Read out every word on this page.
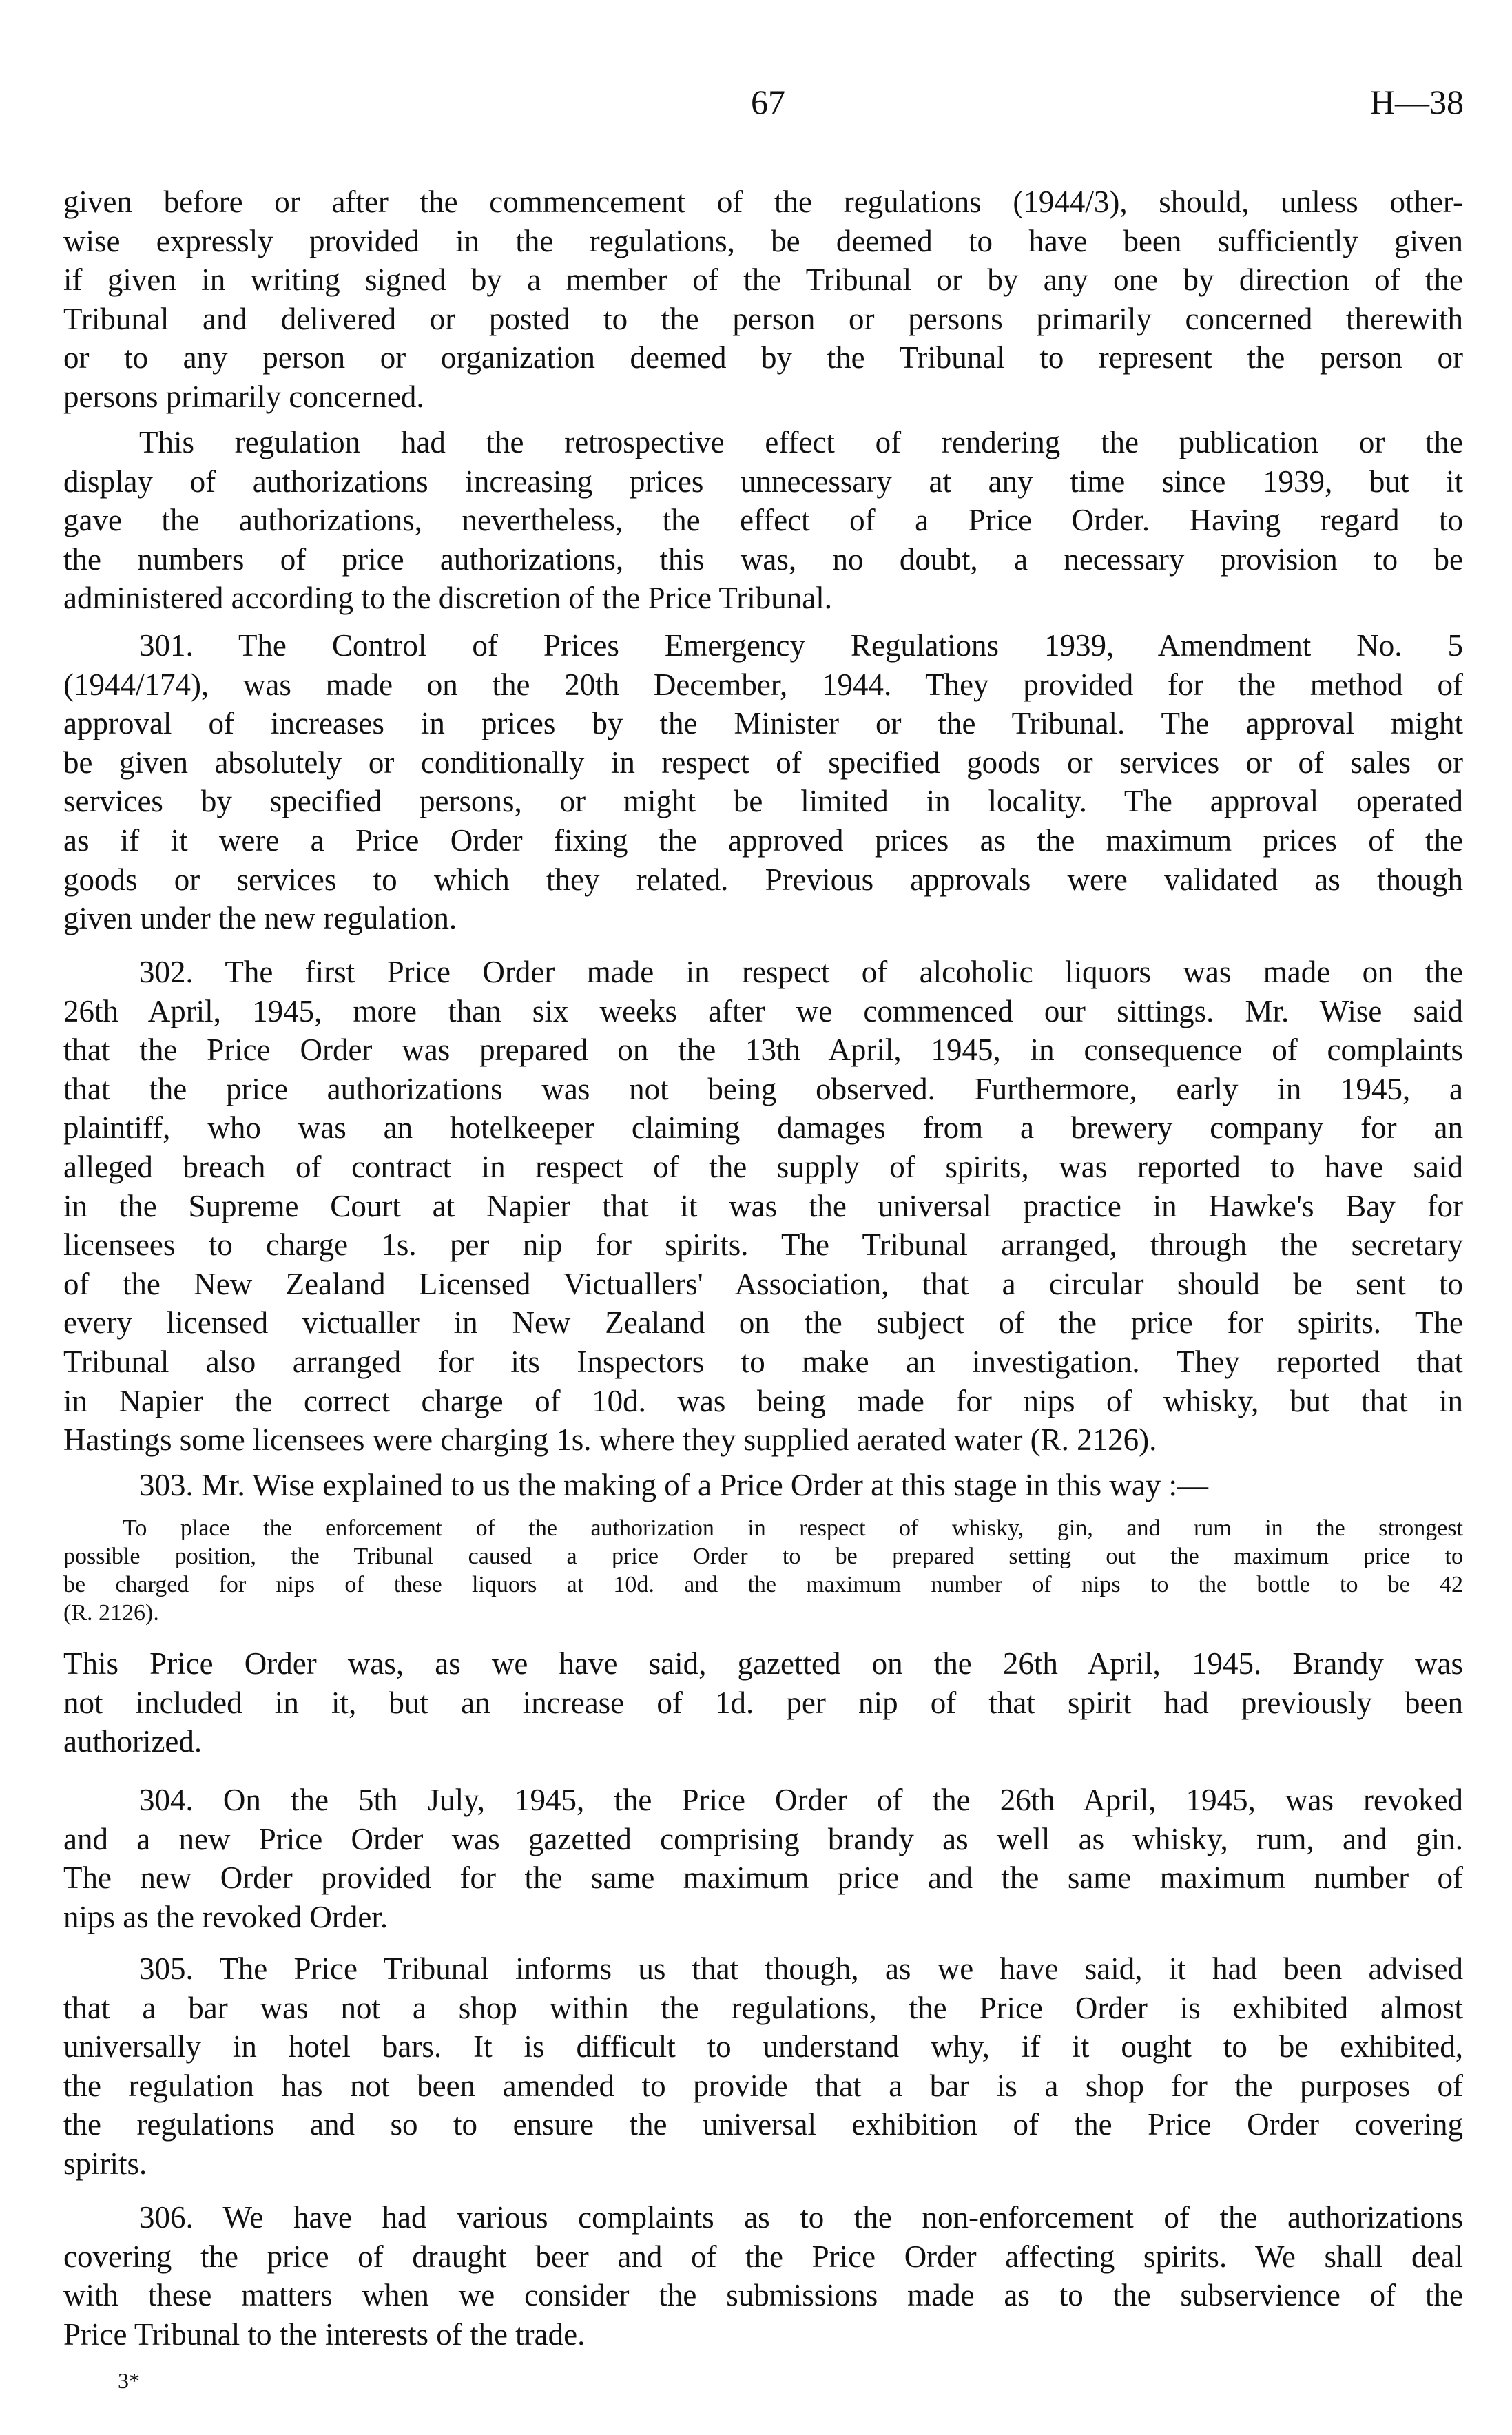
67	H—38
given before or after the commencement of the regulations (1944/3), should, unless other-
wise expressly provided in the regulations, be deemed to have been sufficiently given
if given in writing signed by a member of the Tribunal or by any one by direction of the
Tribunal and delivered or posted to the person or persons primarily concerned therewith
or to any person or organization deemed by the Tribunal to represent the person or
persons primarily concerned.
This regulation had the retrospective effect of rendering the publication or the
display of authorizations increasing prices unnecessary at any time since 1939, but it
gave the authorizations, nevertheless, the effect of a Price Order. Having regard to
the numbers of price authorizations, this was, no doubt, a necessary provision to be
administered according to the discretion of the Price Tribunal.
301. The Control of Prices Emergency Regulations 1939, Amendment No. 5
(1944/174), was made on the 20th December, 1944. They provided for the method of
approval of increases in prices by the Minister or the Tribunal. The approval might
be given absolutely or conditionally in respect of specified goods or services or of sales or
services by specified persons, or might be limited in locality. The approval operated
as if it were a Price Order fixing the approved prices as the maximum prices of the
goods or services to which they related. Previous approvals were validated as though
given under the new regulation.
302. The first Price Order made in respect of alcoholic liquors was made on the
26th April, 1945, more than six weeks after we commenced our sittings. Mr. Wise said
that the Price Order was prepared on the 13th April, 1945, in consequence of complaints
that the price authorizations was not being observed. Furthermore, early in 1945, a
plaintiff, who was an hotelkeeper claiming damages from a brewery company for an
alleged breach of contract in respect of the supply of spirits, was reported to have said
in the Supreme Court at Napier that it was the universal practice in Hawke's Bay for
licensees to charge 1s. per nip for spirits. The Tribunal arranged, through the secretary
of the New Zealand Licensed Victuallers' Association, that a circular should be sent to
every licensed victualler in New Zealand on the subject of the price for spirits. The
Tribunal also arranged for its Inspectors to make an investigation. They reported that
in Napier the correct charge of 10d. was being made for nips of whisky, but that in
Hastings some licensees were charging 1s. where they supplied aerated water (R. 2126).
303. Mr. Wise explained to us the making of a Price Order at this stage in this way :—
To place the enforcement of the authorization in respect of whisky, gin, and rum in the strongest
possible position, the Tribunal caused a price Order to be prepared setting out the maximum price to
be charged for nips of these liquors at 10d. and the maximum number of nips to the bottle to be 42
(R. 2126).
This Price Order was, as we have said, gazetted on the 26th April, 1945. Brandy was
not included in it, but an increase of 1d. per nip of that spirit had previously been
authorized.
304. On the 5th July, 1945, the Price Order of the 26th April, 1945, was revoked
and a new Price Order was gazetted comprising brandy as well as whisky, rum, and gin.
The new Order provided for the same maximum price and the same maximum number of
nips as the revoked Order.
305. The Price Tribunal informs us that though, as we have said, it had been advised
that a bar was not a shop within the regulations, the Price Order is exhibited almost
universally in hotel bars. It is difficult to understand why, if it ought to be exhibited,
the regulation has not been amended to provide that a bar is a shop for the purposes of
the regulations and so to ensure the universal exhibition of the Price Order covering
spirits.
306. We have had various complaints as to the non-enforcement of the authorizations
covering the price of draught beer and of the Price Order affecting spirits. We shall deal
with these matters when we consider the submissions made as to the subservience of the
Price Tribunal to the interests of the trade.
3*
